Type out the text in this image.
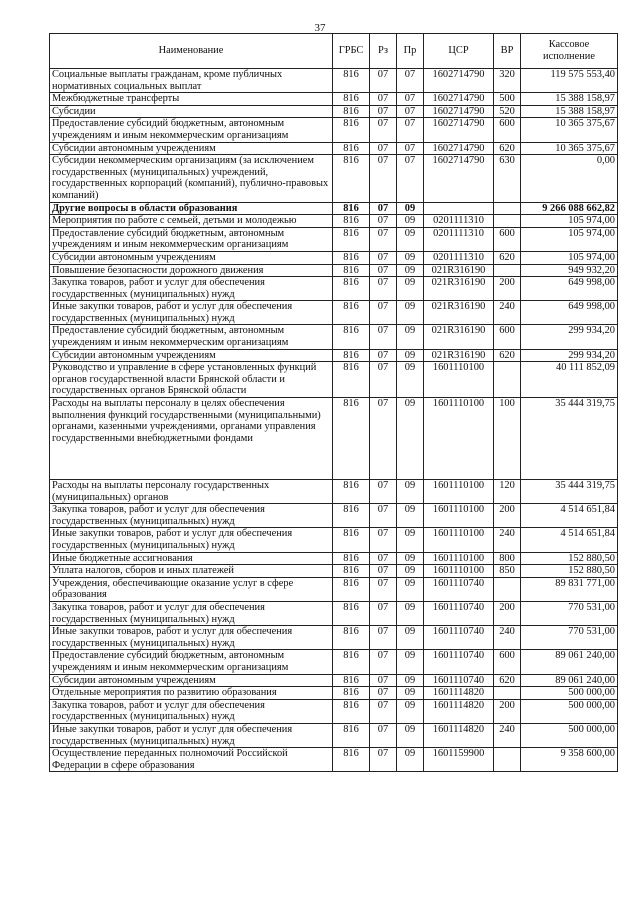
37
Наименование	ГРБС	Рз	Пр	ЦСР	ВР	Кассовое исполнение
Социальные выплаты гражданам, кроме публичных нормативных социальных выплат	816	07	07	1602714790	320	119 575 553,40
Межбюджетные трансферты	816	07	07	1602714790	500	15 388 158,97
Субсидии	816	07	07	1602714790	520	15 388 158,97
Предоставление субсидий бюджетным, автономным учреждениям и иным некоммерческим организациям	816	07	07	1602714790	600	10 365 375,67
Субсидии автономным учреждениям	816	07	07	1602714790	620	10 365 375,67
Субсидии некоммерческим организациям (за исключением государственных (муниципальных) учреждений, государственных корпораций (компаний), публично-правовых компаний)	816	07	07	1602714790	630	0,00
Другие вопросы в области образования	816	07	09			9 266 088 662,82
Мероприятия по работе с семьей, детьми и молодежью	816	07	09	0201111310		105 974,00
Предоставление субсидий бюджетным, автономным учреждениям и иным некоммерческим организациям	816	07	09	0201111310	600	105 974,00
Субсидии автономным учреждениям	816	07	09	0201111310	620	105 974,00
Повышение безопасности дорожного движения	816	07	09	021R316190		949 932,20
Закупка товаров, работ и услуг для обеспечения государственных (муниципальных) нужд	816	07	09	021R316190	200	649 998,00
Иные закупки товаров, работ и услуг для обеспечения государственных (муниципальных) нужд	816	07	09	021R316190	240	649 998,00
Предоставление субсидий бюджетным, автономным учреждениям и иным некоммерческим организациям	816	07	09	021R316190	600	299 934,20
Субсидии автономным учреждениям	816	07	09	021R316190	620	299 934,20
Руководство и управление в сфере установленных функций органов государственной власти Брянской области и государственных органов Брянской области	816	07	09	1601110100		40 111 852,09
Расходы на выплаты персоналу в целях обеспечения выполнения функций государственными (муниципальными) органами, казенными учреждениями, органами управления государственными внебюджетными фондами	816	07	09	1601110100	100	35 444 319,75
Расходы на выплаты персоналу государственных (муниципальных) органов	816	07	09	1601110100	120	35 444 319,75
Закупка товаров, работ и услуг для обеспечения государственных (муниципальных) нужд	816	07	09	1601110100	200	4 514 651,84
Иные закупки товаров, работ и услуг для обеспечения государственных (муниципальных) нужд	816	07	09	1601110100	240	4 514 651,84
Иные бюджетные ассигнования	816	07	09	1601110100	800	152 880,50
Уплата налогов, сборов и иных платежей	816	07	09	1601110100	850	152 880,50
Учреждения, обеспечивающие оказание услуг в сфере образования	816	07	09	1601110740		89 831 771,00
Закупка товаров, работ и услуг для обеспечения государственных (муниципальных) нужд	816	07	09	1601110740	200	770 531,00
Иные закупки товаров, работ и услуг для обеспечения государственных (муниципальных) нужд	816	07	09	1601110740	240	770 531,00
Предоставление субсидий бюджетным, автономным учреждениям и иным некоммерческим организациям	816	07	09	1601110740	600	89 061 240,00
Субсидии автономным учреждениям	816	07	09	1601110740	620	89 061 240,00
Отдельные мероприятия по развитию образования	816	07	09	1601114820		500 000,00
Закупка товаров, работ и услуг для обеспечения государственных (муниципальных) нужд	816	07	09	1601114820	200	500 000,00
Иные закупки товаров, работ и услуг для обеспечения государственных (муниципальных) нужд	816	07	09	1601114820	240	500 000,00
Осуществление переданных полномочий Российской Федерации в сфере образования	816	07	09	1601159900		9 358 600,00
